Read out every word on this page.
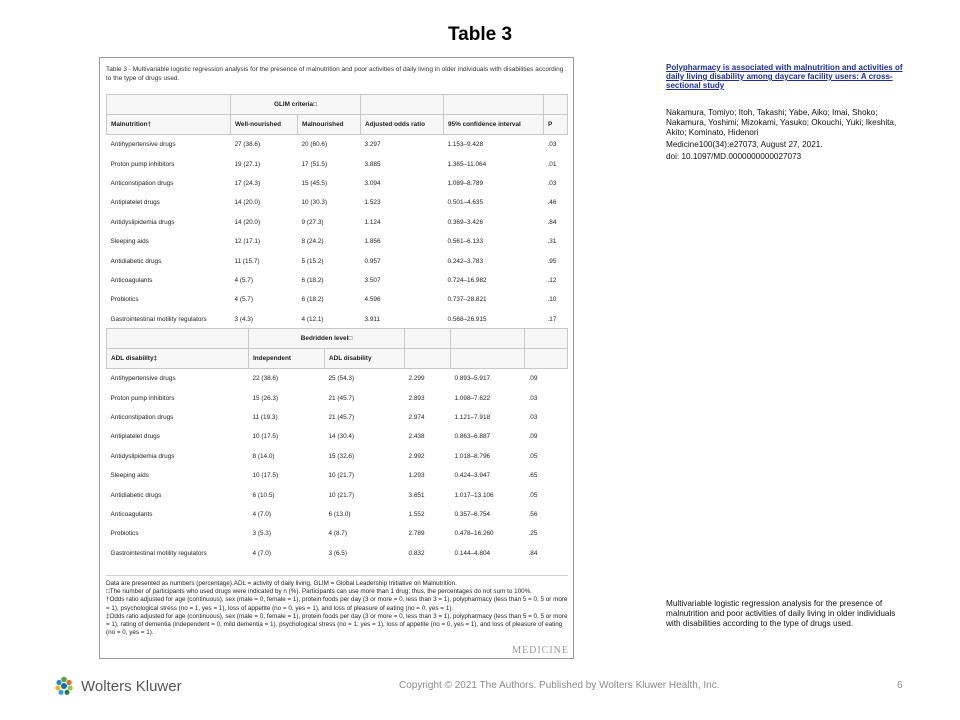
Table 3
Table 3 - Multivariable logistic regression analysis for the presence of malnutrition and poor activities of daily living in older individuals with disabilities according to the type of drugs used.
	GLIM criteria□				
Malnutrition†	Well-nourished	Malnourished	Adjusted odds ratio	95% confidence interval	P
Antihypertensive drugs	27 (38.6)	20 (60.6)	3.297	1.153–9.428	.03
Proton pump inhibitors	19 (27.1)	17 (51.5)	3.885	1.365–11.064	.01
Anticonstipation drugs	17 (24.3)	15 (45.5)	3.094	1.089–8.789	.03
Antiplatelet drugs	14 (20.0)	10 (30.3)	1.523	0.501–4.635	.46
Antidyslipidemia drugs	14 (20.0)	9 (27.3)	1.124	0.369–3.426	.84
Sleeping aids	12 (17.1)	8 (24.2)	1.856	0.561–6.133	.31
Antidiabetic drugs	11 (15.7)	5 (15.2)	0.957	0.242–3.783	.95
Anticoagulants	4 (5.7)	6 (18.2)	3.507	0.724–16.982	.12
Probiotics	4 (5.7)	6 (18.2)	4.596	0.737–28.821	.10
Gastrointestinal motility regulators	3 (4.3)	4 (12.1)	3.911	0.568–26.915	.17
	Bedridden level□				
ADL disability‡	Independent	ADL disability			
Antihypertensive drugs	22 (38.6)	25 (54.3)	2.299	0.893–5.917	.09
Proton pump inhibitors	15 (26.3)	21 (45.7)	2.893	1.098–7.622	.03
Anticonstipation drugs	11 (19.3)	21 (45.7)	2.974	1.121–7.918	.03
Antiplatelet drugs	10 (17.5)	14 (30.4)	2.438	0.863–6.887	.09
Antidyslipidemia drugs	8 (14.0)	15 (32.6)	2.992	1.018–8.796	.05
Sleeping aids	10 (17.5)	10 (21.7)	1.293	0.424–3.947	.65
Antidiabetic drugs	6 (10.5)	10 (21.7)	3.651	1.017–13.106	.05
Anticoagulants	4 (7.0)	6 (13.0)	1.552	0.357–6.754	.56
Probiotics	3 (5.3)	4 (8.7)	2.789	0.478–16.260	.25
Gastrointestinal motility regulators	4 (7.0)	3 (6.5)	0.832	0.144–4.804	.84

Data are presented as numbers (percentage).ADL = activity of daily living, GLIM = Global Leadership Initiative on Malnutrition.

□The number of participants who used drugs were indicated by n (%). Participants can use more than 1 drug; thus, the percentages do not sum to 100%.

†Odds ratio adjusted for age (continuous), sex (male = 0, female = 1), protein foods per day (3 or more = 0, less than 3 = 1), polypharmacy (less than 5 = 0, 5 or more = 1), psychological stress (no = 1, yes = 1), loss of appetite (no = 0, yes = 1), and loss of pleasure of eating (no = 0, yes = 1).

‡Odds ratio adjusted for age (continuous), sex (male = 0, female = 1), protein foods per day (3 or more = 0, less than 3 = 1), polypharmacy (less than 5 = 0, 5 or more = 1), rating of dementia (independent = 0, mild dementia = 1), psychological stress (no = 1, yes = 1), loss of appetite (no = 0, yes = 1), and loss of pleasure of eating (no = 0, yes = 1).

MEDICINE
Polypharmacy is associated with malnutrition and activities of daily living disability among daycare facility users: A cross-sectional study
Nakamura, Tomiyo; Itoh, Takashi; Yabe, Aiko; Imai, Shoko; Nakamura, Yoshimi; Mizokami, Yasuko; Okouchi, Yuki; Ikeshita, Akito; Kominato, Hidenori
Medicine100(34):e27073, August 27, 2021.
doi: 10.1097/MD.0000000000027073
Multivariable logistic regression analysis for the presence of malnutrition and poor activities of daily living in older individuals with disabilities according to the type of drugs used.
Wolters Kluwer	Copyright © 2021 The Authors. Published by Wolters Kluwer Health, Inc.	6
